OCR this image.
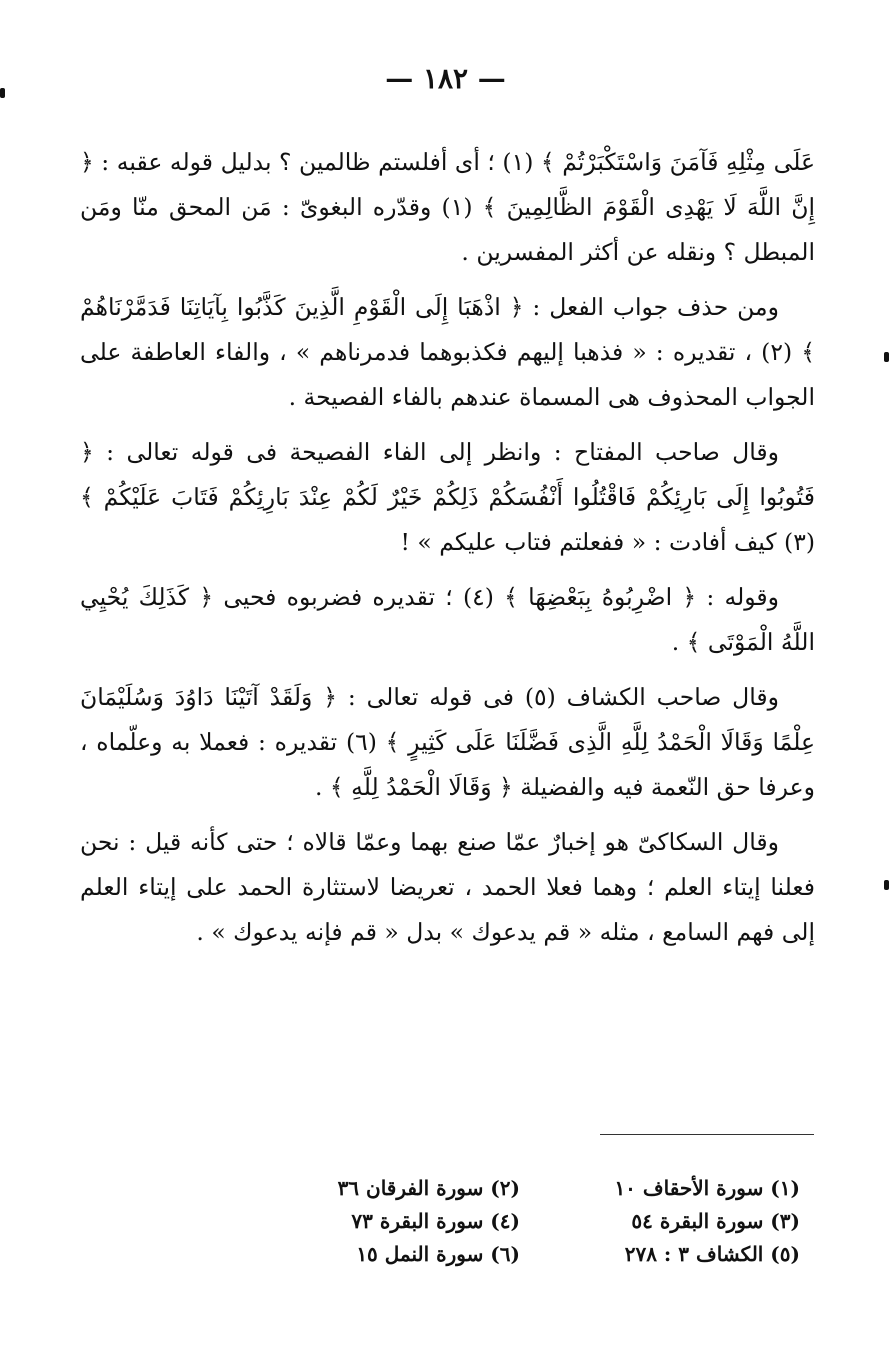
— ١٨٢ —

عَلَى مِثْلِهِ فَآمَنَ وَاسْتَكْبَرْتُمْ ﴾ (١) ؛ أى أفلستم ظالمين ؟ بدليل قوله عقبه : ﴿ إِنَّ اللَّهَ لَا يَهْدِى الْقَوْمَ الظَّالِمِينَ ﴾ (١) وقدّره البغوىّ : مَن المحق منّا ومَن المبطل ؟ ونقله عن أكثر المفسرين .

ومن حذف جواب الفعل : ﴿ اذْهَبَا إِلَى الْقَوْمِ الَّذِينَ كَذَّبُوا بِآيَاتِنَا فَدَمَّرْنَاهُمْ ﴾ (٢) ، تقديره : « فذهبا إليهم فكذبوهما فدمرناهم » ، والفاء العاطفة على الجواب المحذوف هى المسماة عندهم بالفاء الفصيحة .

وقال صاحب المفتاح : وانظر إلى الفاء الفصيحة فى قوله تعالى : ﴿ فَتُوبُوا إِلَى بَارِئِكُمْ فَاقْتُلُوا أَنْفُسَكُمْ ذَلِكُمْ خَيْرٌ لَكُمْ عِنْدَ بَارِئِكُمْ فَتَابَ عَلَيْكُمْ ﴾ (٣) كيف أفادت : « ففعلتم فتاب عليكم » !

وقوله : ﴿ اضْرِبُوهُ بِبَعْضِهَا ﴾ (٤) ؛ تقديره فضربوه فحيى ﴿ كَذَلِكَ يُحْيِي اللَّهُ الْمَوْتَى ﴾ .

وقال صاحب الكشاف (٥) فى قوله تعالى : ﴿ وَلَقَدْ آتَيْنَا دَاوُدَ وَسُلَيْمَانَ عِلْمًا وَقَالَا الْحَمْدُ لِلَّهِ الَّذِى فَضَّلَنَا عَلَى كَثِيرٍ ﴾ (٦) تقديره : فعملا به وعلّماه ، وعرفا حق النّعمة فيه والفضيلة ﴿ وَقَالَا الْحَمْدُ لِلَّهِ ﴾ .

وقال السكاكىّ هو إخبارٌ عمّا صنع بهما وعمّا قالاه ؛ حتى كأنه قيل : نحن فعلنا إيتاء العلم ؛ وهما فعلا الحمد ، تعريضا لاستثارة الحمد على إيتاء العلم إلى فهم السامع ، مثله « قم يدعوك » بدل « قم فإنه يدعوك » .

(١) سورة الأحقاف ١٠
(٢) سورة الفرقان ٣٦
(٣) سورة البقرة ٥٤
(٤) سورة البقرة ٧٣
(٥) الكشاف ٣ : ٢٧٨
(٦) سورة النمل ١٥
